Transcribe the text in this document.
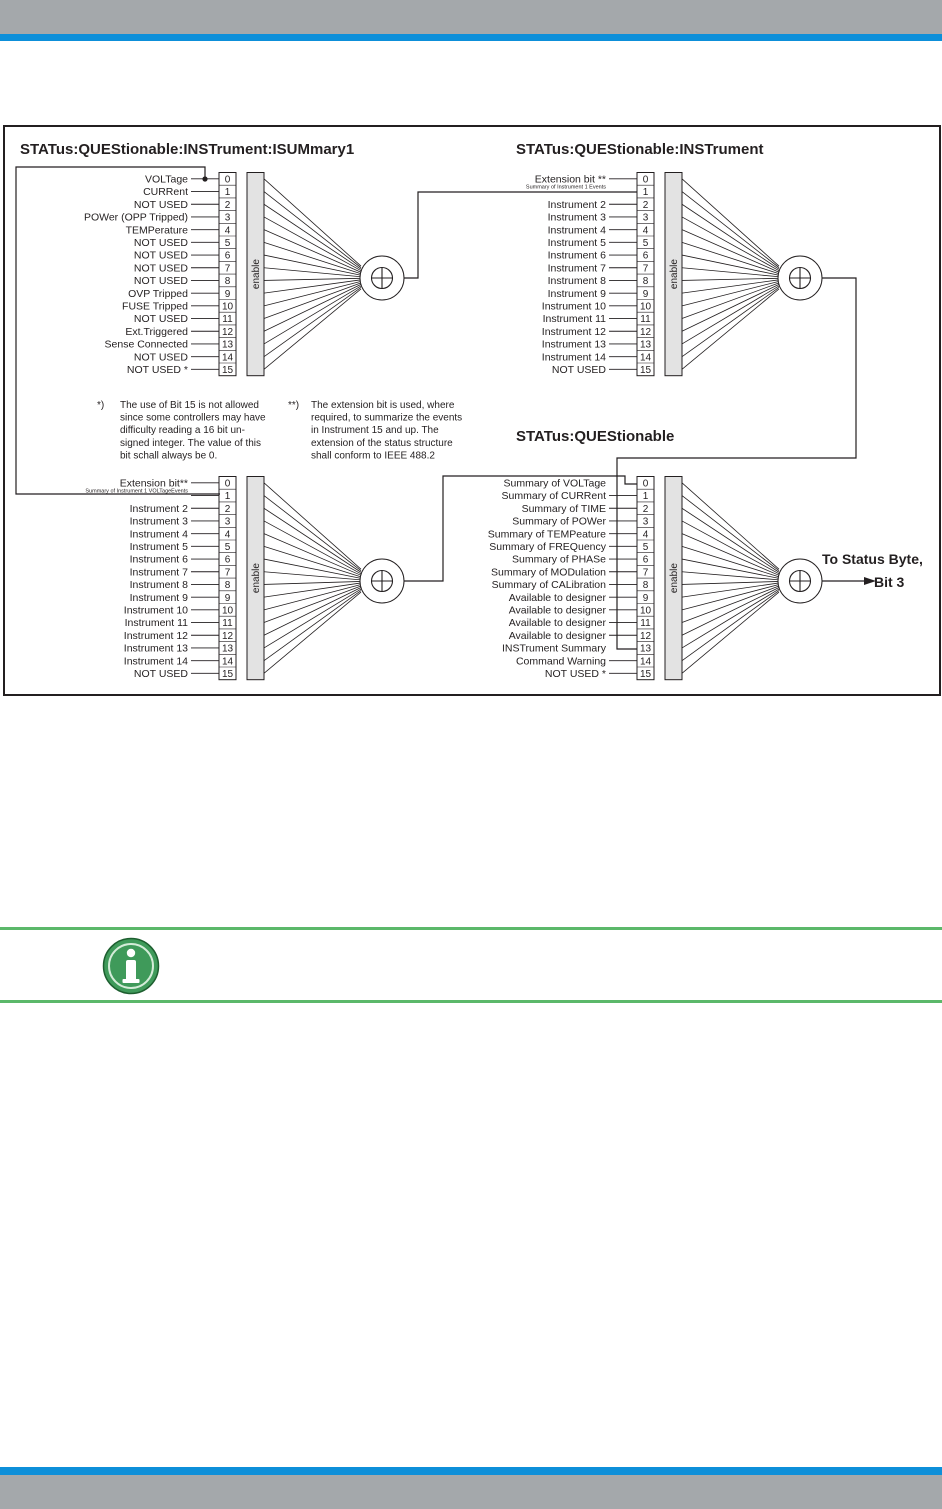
STATus:QUEStionable:INSTrument:ISUMmary1	STATus:QUEStionable:INSTrument
STATus:QUEStionable
enable
0
VOLTage
1
CURRent
2
NOT USED
3
POWer (OPP Tripped)
4
TEMPerature
5
NOT USED
6
NOT USED
7
NOT USED
8
NOT USED
9
OVP Tripped
10
FUSE Tripped
11
NOT USED
12
Ext.Triggered
13
Sense Connected
14
NOT USED
15
NOT USED *
enable
0
Extension bit **
1
2
Instrument 2
3
Instrument 3
4
Instrument 4
5
Instrument 5
6
Instrument 6
7
Instrument 7
8
Instrument 8
9
Instrument 9
10
Instrument 10
11
Instrument 11
12
Instrument 12
13
Instrument 13
14
Instrument 14
15
NOT USED
Summary of Instrument 1 Events
enable
0
Extension bit**
1
2
Instrument 2
3
Instrument 3
4
Instrument 4
5
Instrument 5
6
Instrument 6
7
Instrument 7
8
Instrument 8
9
Instrument 9
10
Instrument 10
11
Instrument 11
12
Instrument 12
13
Instrument 13
14
Instrument 14
15
NOT USED
Summary of Instrument 1 VOLTageEvents
enable
0
Summary of VOLTage
1
Summary of CURRent
2
Summary of TIME
3
Summary of POWer
4
Summary of TEMPeature
5
Summary of FREQuency
6
Summary of PHASe
7
Summary of MODulation
8
Summary of CALibration
9
Available to designer
10
Available to designer
11
Available to designer
12
Available to designer
13
INSTrument Summary
14
Command Warning
15
NOT USED *
To Status Byte,
Bit 3
*) The use of Bit 15 is not allowed
since some controllers may have
difficulty reading a 16 bit un-
signed integer. The value of this
bit schall always be 0.
**) The extension bit is used, where
required, to summarize the events
in Instrument 15 and up. The
extension of the status structure
shall conform to IEEE 488.2
